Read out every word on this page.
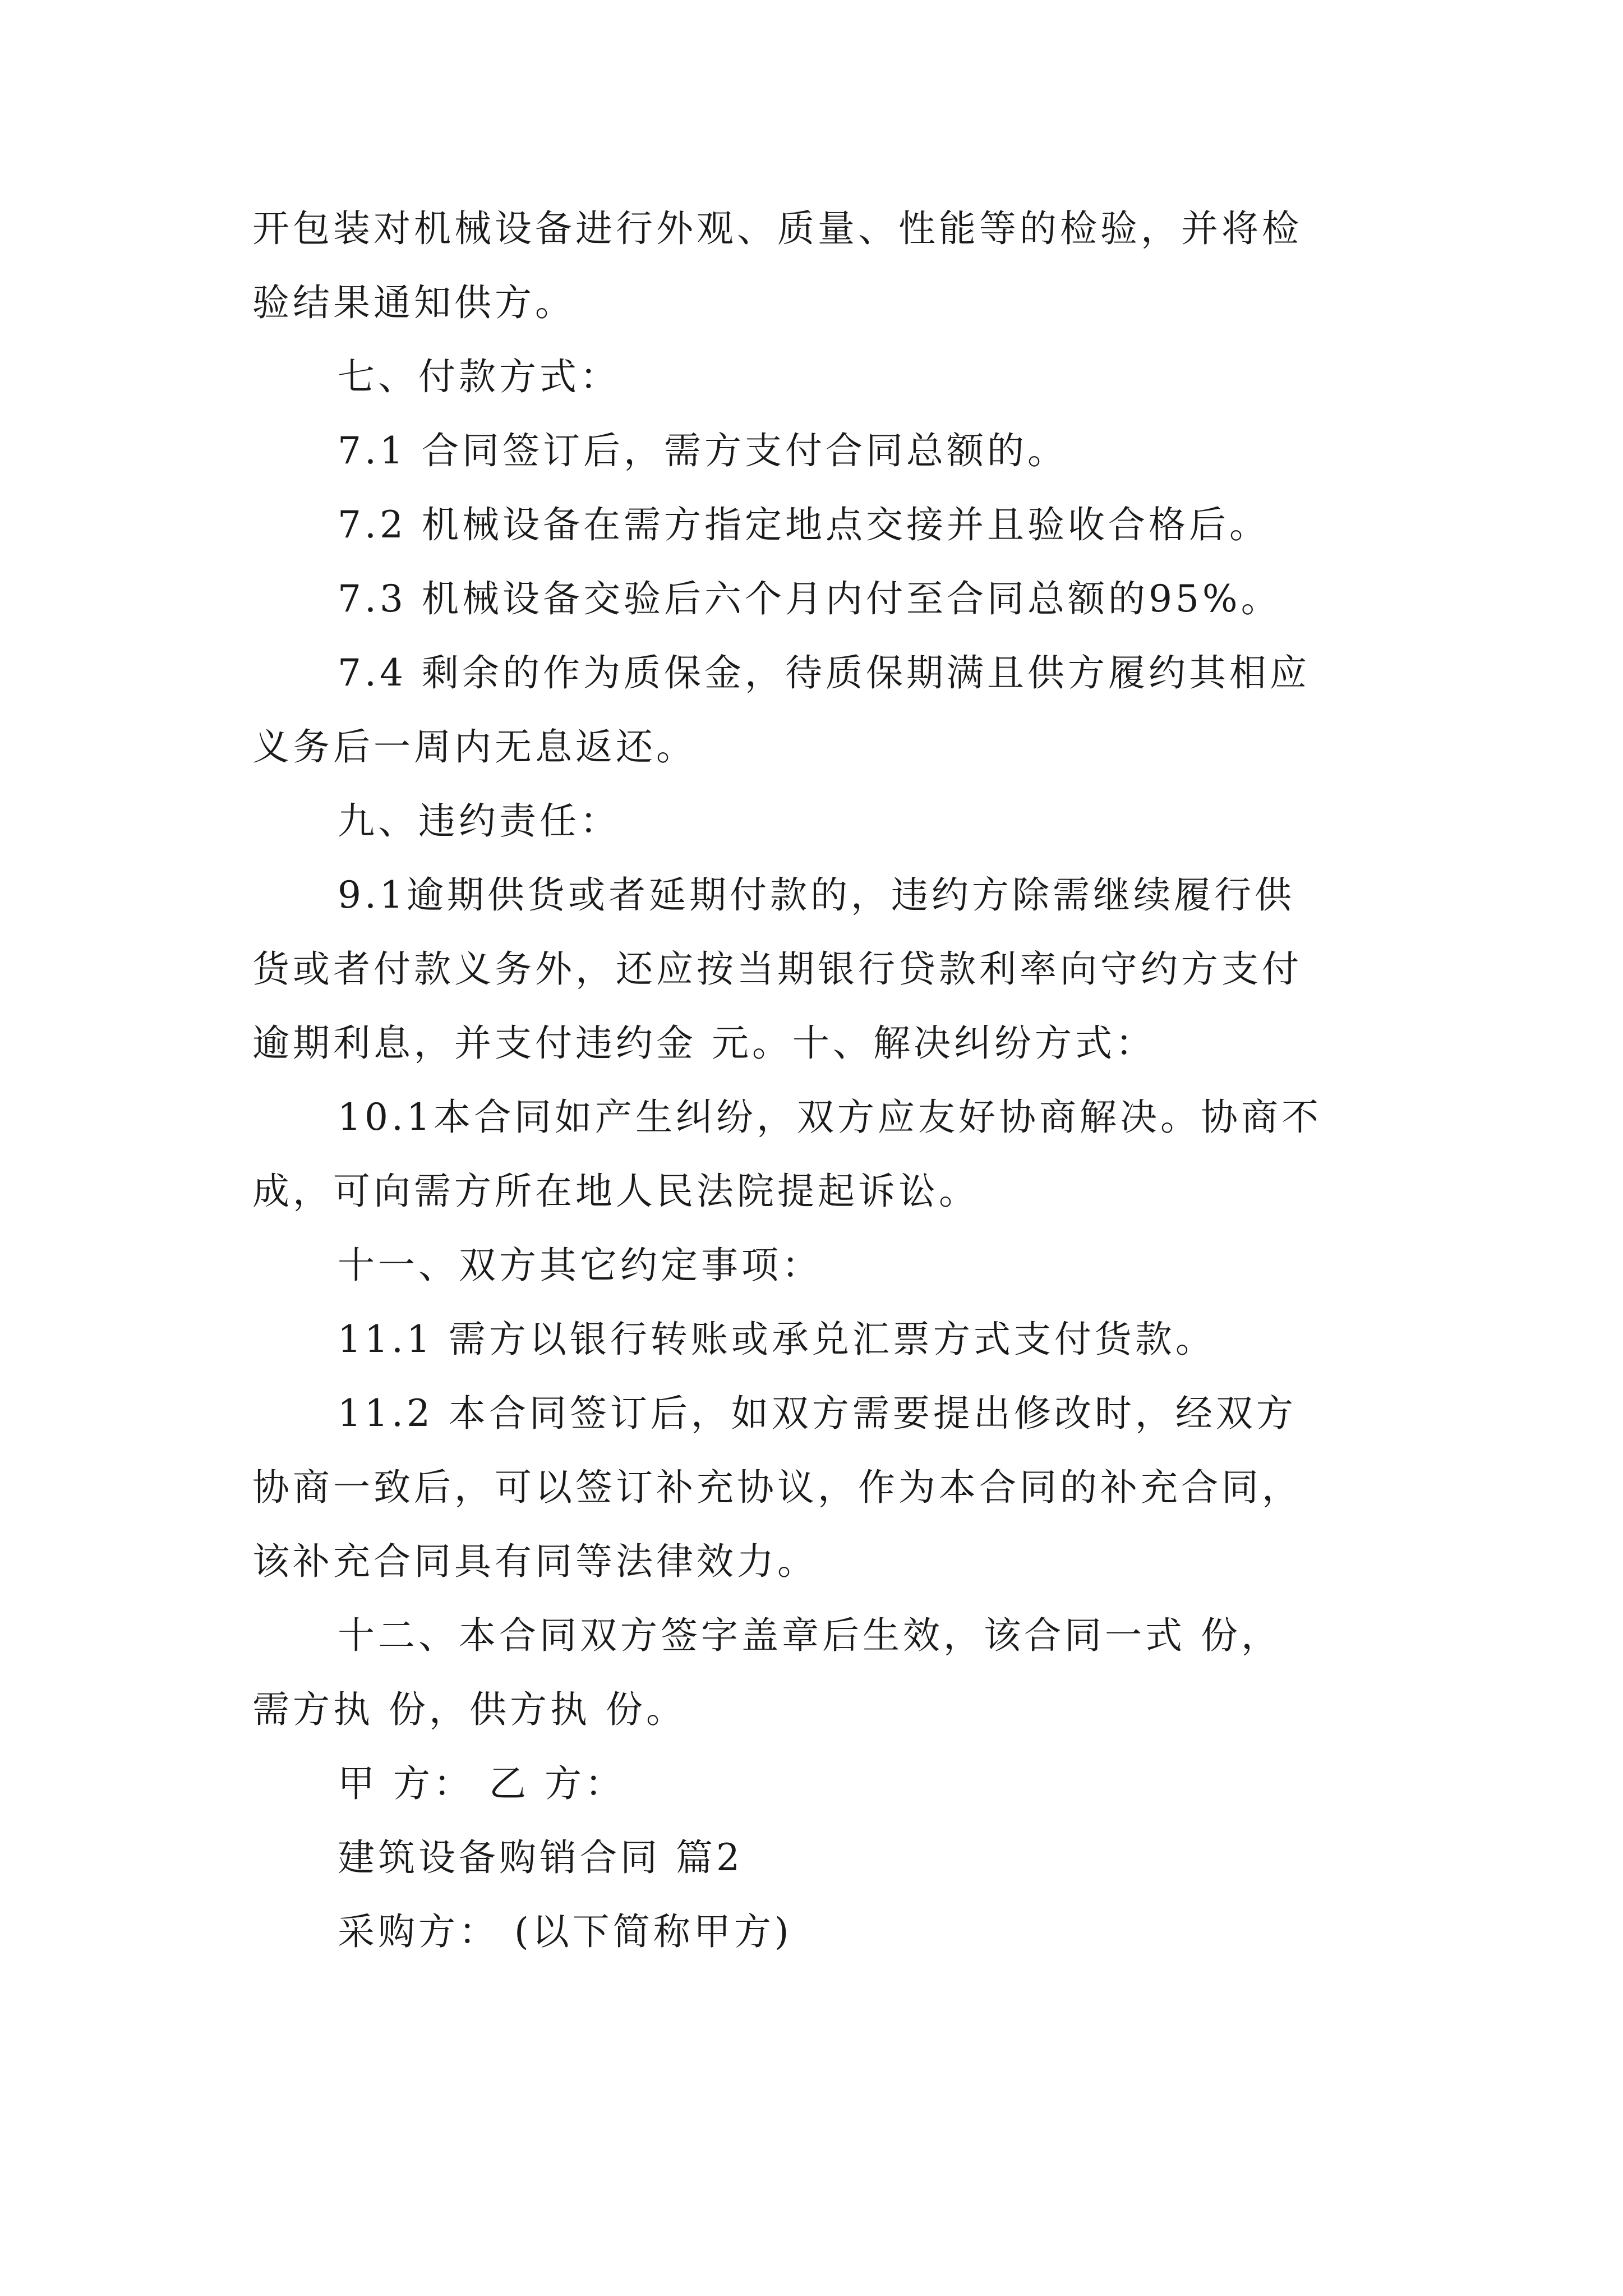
开包装对机械设备进行外观、质量、性能等的检验，并将检
验结果通知供方。
七、付款方式：
7.1 合同签订后，需方支付合同总额的。
7.2 机械设备在需方指定地点交接并且验收合格后。
7.3 机械设备交验后六个月内付至合同总额的95%。
7.4 剩余的作为质保金，待质保期满且供方履约其相应
义务后一周内无息返还。
九、违约责任：
9.1逾期供货或者延期付款的，违约方除需继续履行供
货或者付款义务外，还应按当期银行贷款利率向守约方支付
逾期利息，并支付违约金 元。十、解决纠纷方式：
10.1本合同如产生纠纷，双方应友好协商解决。协商不
成，可向需方所在地人民法院提起诉讼。
十一、双方其它约定事项：
11.1 需方以银行转账或承兑汇票方式支付货款。
11.2 本合同签订后，如双方需要提出修改时，经双方
协商一致后，可以签订补充协议，作为本合同的补充合同，
该补充合同具有同等法律效力。
十二、本合同双方签字盖章后生效，该合同一式 份，
需方执 份，供方执 份。
甲 方： 乙 方：
建筑设备购销合同 篇2
采购方： (以下简称甲方)
